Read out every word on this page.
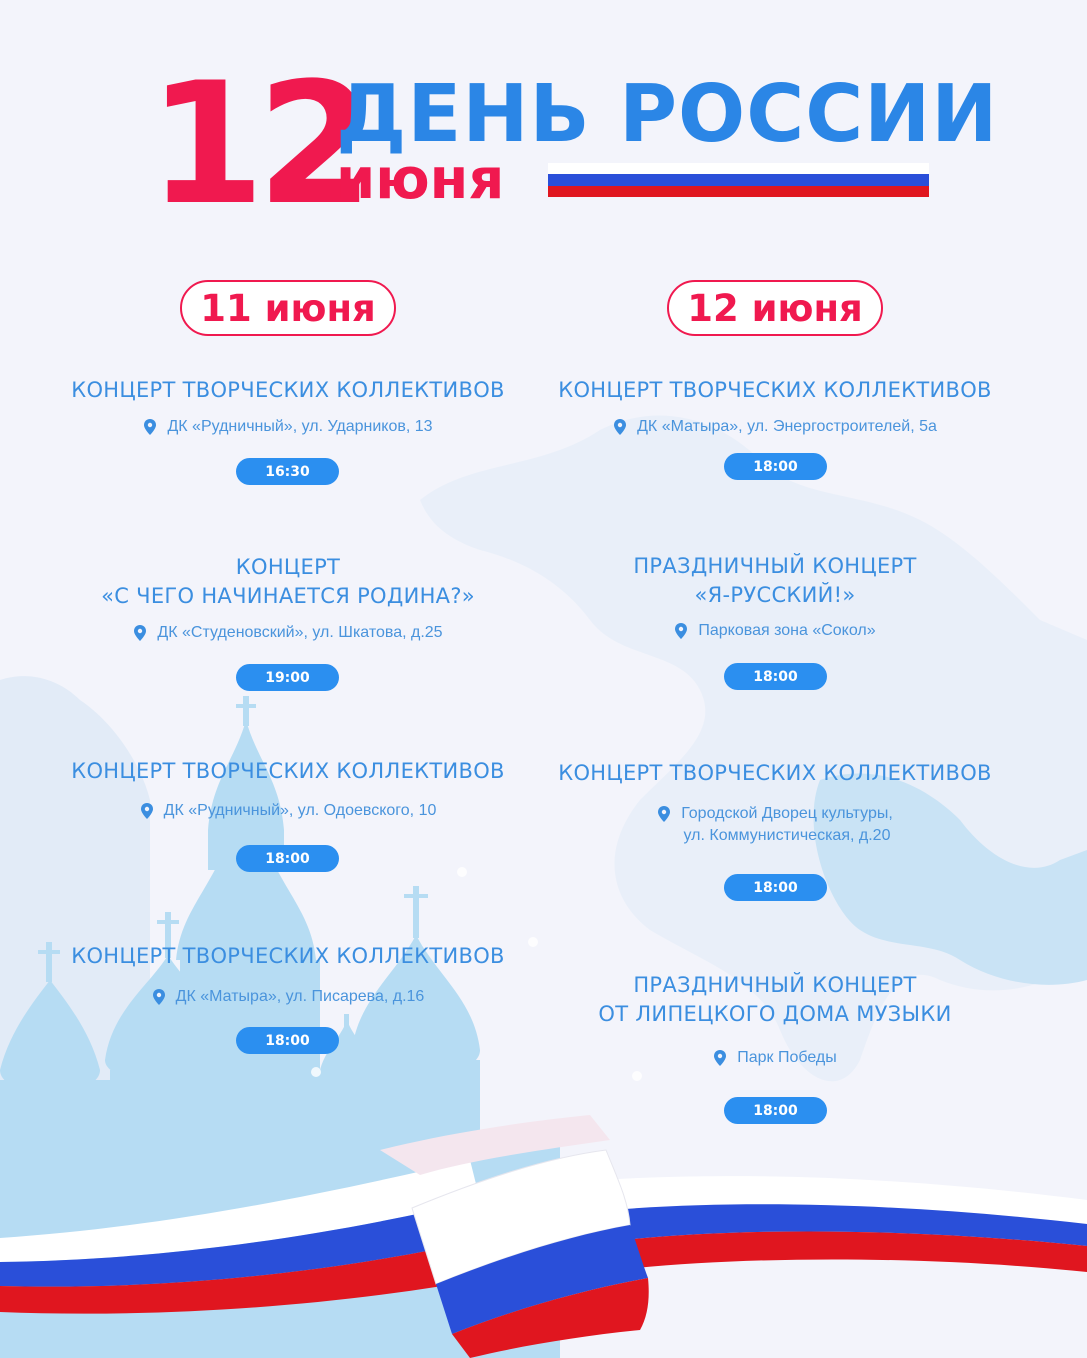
12
ДЕНЬ РОССИИ
июня
11 июня	12 июня

КОНЦЕРТ ТВОРЧЕСКИХ КОЛЛЕКТИВОВ

ДК «Рудничный», ул. Ударников, 13
16:30

КОНЦЕРТ

«С ЧЕГО НАЧИНАЕТСЯ РОДИНА?»

ДК «Студеновский», ул. Шкатова, д.25
19:00

КОНЦЕРТ ТВОРЧЕСКИХ КОЛЛЕКТИВОВ

ДК «Рудничный», ул. Одоевского, 10
18:00

КОНЦЕРТ ТВОРЧЕСКИХ КОЛЛЕКТИВОВ

ДК «Матыра», ул. Писарева, д.16
18:00

КОНЦЕРТ ТВОРЧЕСКИХ КОЛЛЕКТИВОВ

ДК «Матыра», ул. Энергостроителей, 5а
18:00

ПРАЗДНИЧНЫЙ КОНЦЕРТ

«Я-РУССКИЙ!»

Парковая зона «Сокол»
18:00

КОНЦЕРТ ТВОРЧЕСКИХ КОЛЛЕКТИВОВ

Городской Дворец культуры,
ул. Коммунистическая, д.20
18:00

ПРАЗДНИЧНЫЙ КОНЦЕРТ

ОТ ЛИПЕЦКОГО ДОМА МУЗЫКИ

Парк Победы
18:00
